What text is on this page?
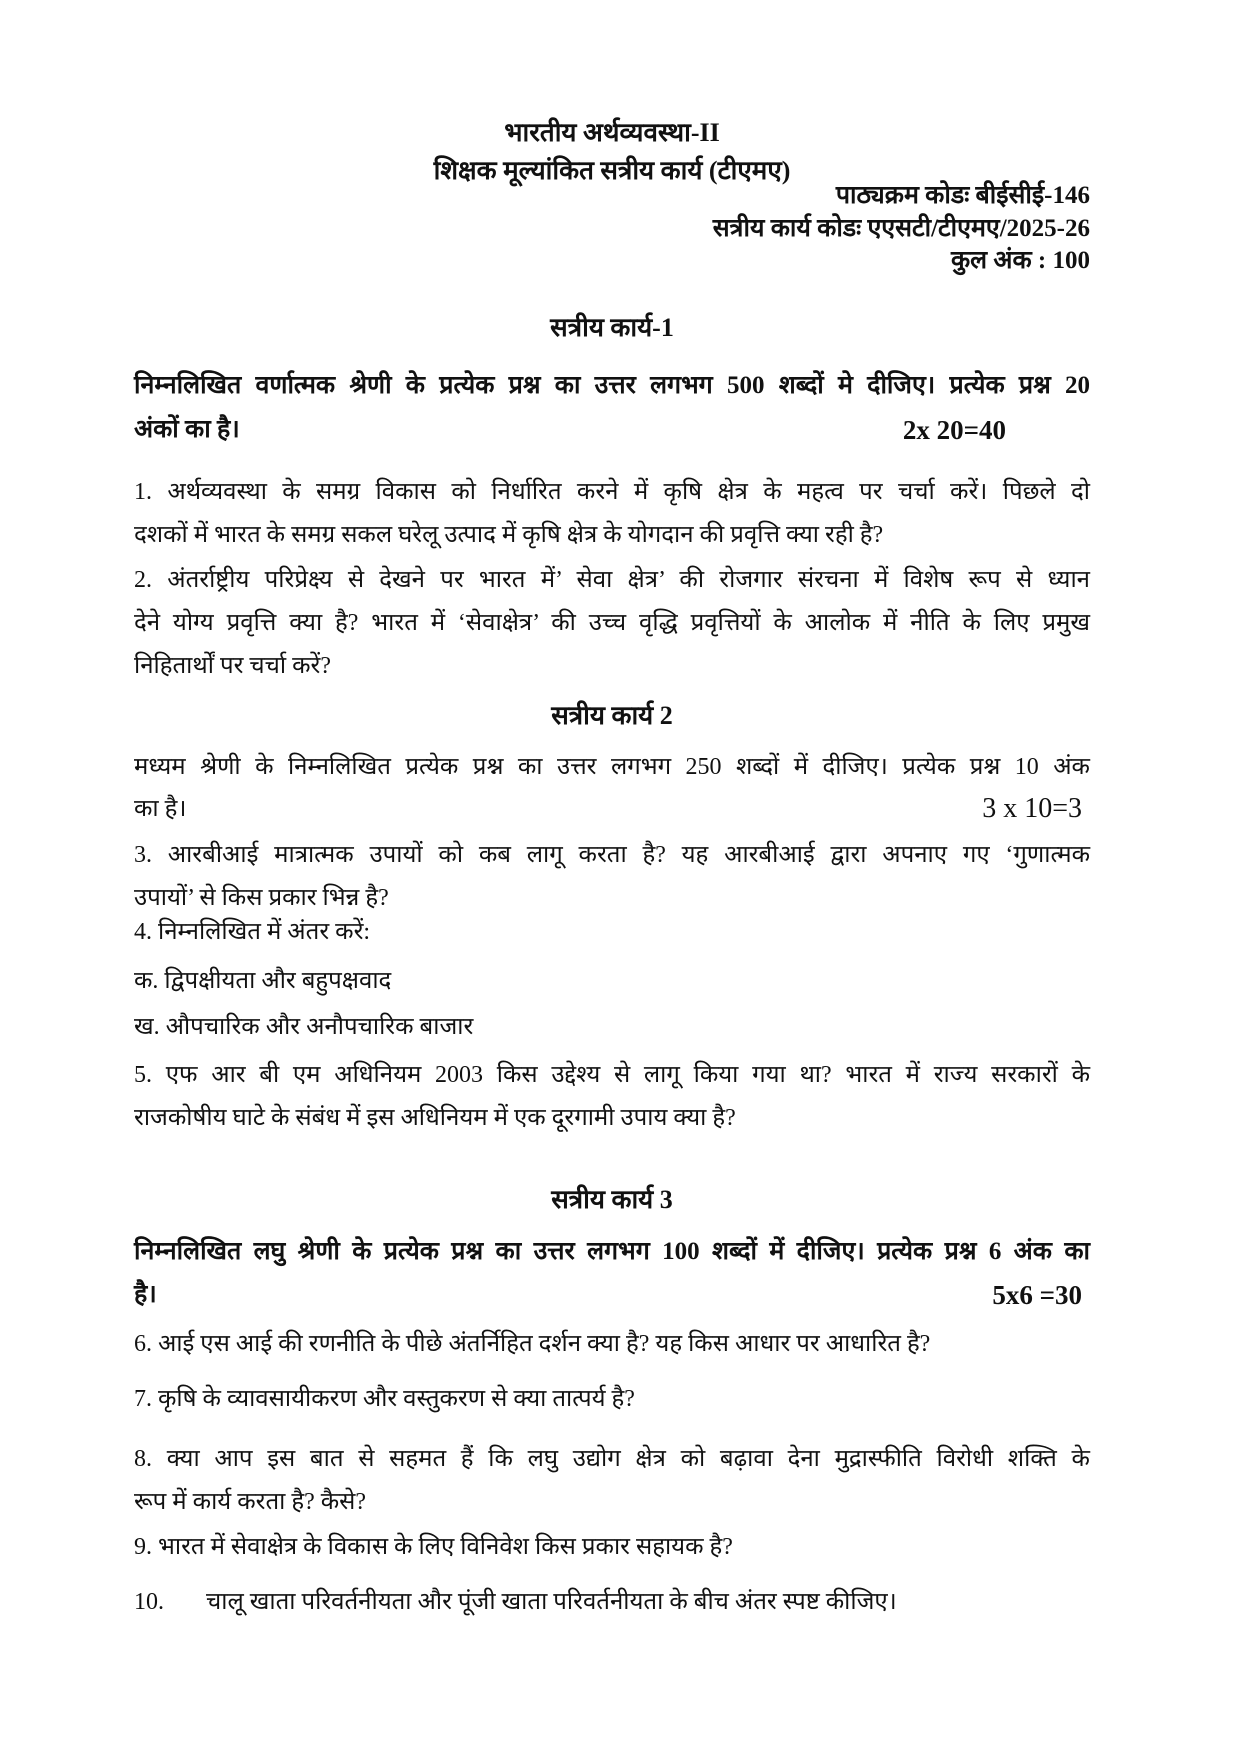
भारतीय अर्थव्यवस्था-II
शिक्षक मूल्यांकित सत्रीय कार्य (टीएमए)
पाठ्यक्रम कोडः बीईसीई-146
सत्रीय कार्य कोडः एएसटी/टीएमए/2025-26
कुल अंक : 100
सत्रीय कार्य-1
निम्नलिखित वर्णात्मक श्रेणी के प्रत्येक प्रश्न का उत्तर लगभग 500 शब्दों मे दीजिए। प्रत्येक प्रश्न 20
अंकों का है।	2x 20=40
1. अर्थव्यवस्था के समग्र विकास को निर्धारित करने में कृषि क्षेत्र के महत्व पर चर्चा करें। पिछले दो
दशकों में भारत के समग्र सकल घरेलू उत्पाद में कृषि क्षेत्र के योगदान की प्रवृत्ति क्या रही है?
2. अंतर्राष्ट्रीय परिप्रेक्ष्य से देखने पर भारत में’ सेवा क्षेत्र’ की रोजगार संरचना में विशेष रूप से ध्यान
देने योग्य प्रवृत्ति क्या है? भारत में ‘सेवाक्षेत्र’ की उच्च वृद्धि प्रवृत्तियों के आलोक में नीति के लिए प्रमुख
निहितार्थों पर चर्चा करें?
सत्रीय कार्य 2
मध्यम श्रेणी के निम्नलिखित प्रत्येक प्रश्न का उत्तर लगभग 250 शब्दों में दीजिए। प्रत्येक प्रश्न 10 अंक
का है।	3 x 10=3
3. आरबीआई मात्रात्मक उपायों को कब लागू करता है? यह आरबीआई द्वारा अपनाए गए ‘गुणात्मक
उपायों’ से किस प्रकार भिन्न है?
4. निम्नलिखित में अंतर करें:
क. द्विपक्षीयता और बहुपक्षवाद
ख. औपचारिक और अनौपचारिक बाजार
5. एफ आर बी एम अधिनियम 2003 किस उद्देश्य से लागू किया गया था? भारत में राज्य सरकारों के
राजकोषीय घाटे के संबंध में इस अधिनियम में एक दूरगामी उपाय क्या है?
सत्रीय कार्य 3
निम्नलिखित लघु श्रेणी के प्रत्येक प्रश्न का उत्तर लगभग 100 शब्दों में दीजिए। प्रत्येक प्रश्न 6 अंक का
है।	5x6 =30
6. आई एस आई की रणनीति के पीछे अंतर्निहित दर्शन क्या है? यह किस आधार पर आधारित है?
7. कृषि के व्यावसायीकरण और वस्तुकरण से क्या तात्पर्य है?
8. क्या आप इस बात से सहमत हैं कि लघु उद्योग क्षेत्र को बढ़ावा देना मुद्रास्फीति विरोधी शक्ति के
रूप में कार्य करता है? कैसे?
9. भारत में सेवाक्षेत्र के विकास के लिए विनिवेश किस प्रकार सहायक है?
10. चालू खाता परिवर्तनीयता और पूंजी खाता परिवर्तनीयता के बीच अंतर स्पष्ट कीजिए।
